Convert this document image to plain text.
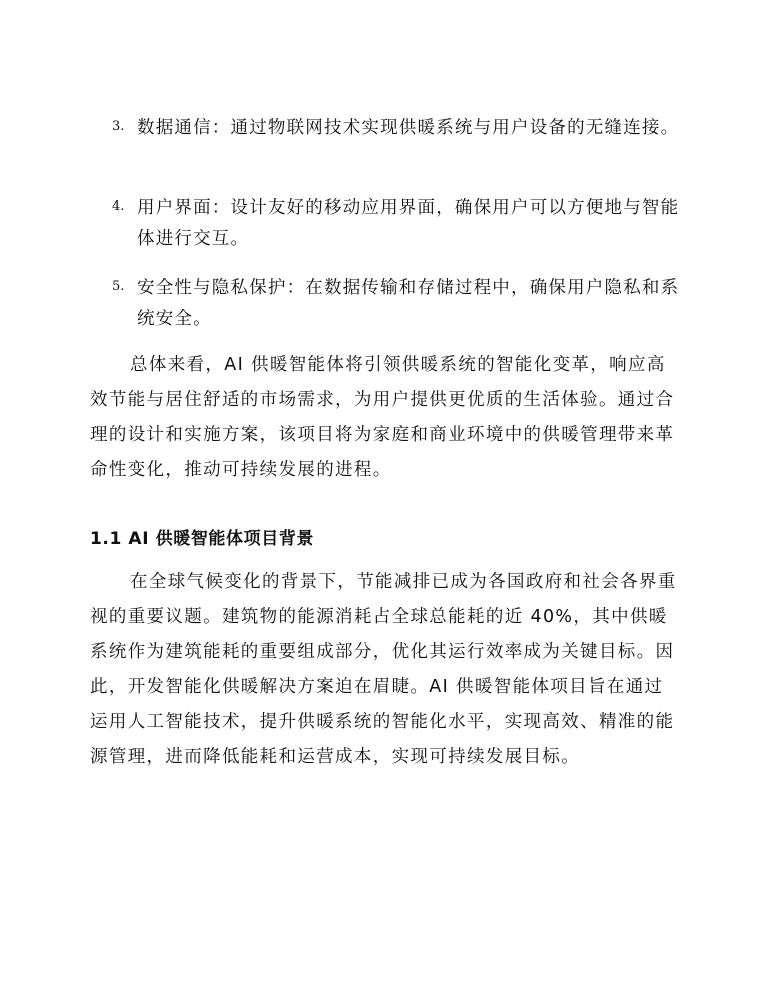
3. 数据通信：通过物联网技术实现供暖系统与用户设备的无缝连接。
4. 用户界面：设计友好的移动应用界面，确保用户可以方便地与智能体进行交互。
5. 安全性与隐私保护：在数据传输和存储过程中，确保用户隐私和系统安全。
总体来看，AI 供暖智能体将引领供暖系统的智能化变革，响应高效节能与居住舒适的市场需求，为用户提供更优质的生活体验。通过合理的设计和实施方案，该项目将为家庭和商业环境中的供暖管理带来革命性变化，推动可持续发展的进程。
1.1 AI 供暖智能体项目背景
在全球气候变化的背景下，节能减排已成为各国政府和社会各界重视的重要议题。建筑物的能源消耗占全球总能耗的近 40%，其中供暖系统作为建筑能耗的重要组成部分，优化其运行效率成为关键目标。因此，开发智能化供暖解决方案迫在眉睫。AI 供暖智能体项目旨在通过运用人工智能技术，提升供暖系统的智能化水平，实现高效、精准的能源管理，进而降低能耗和运营成本，实现可持续发展目标。
